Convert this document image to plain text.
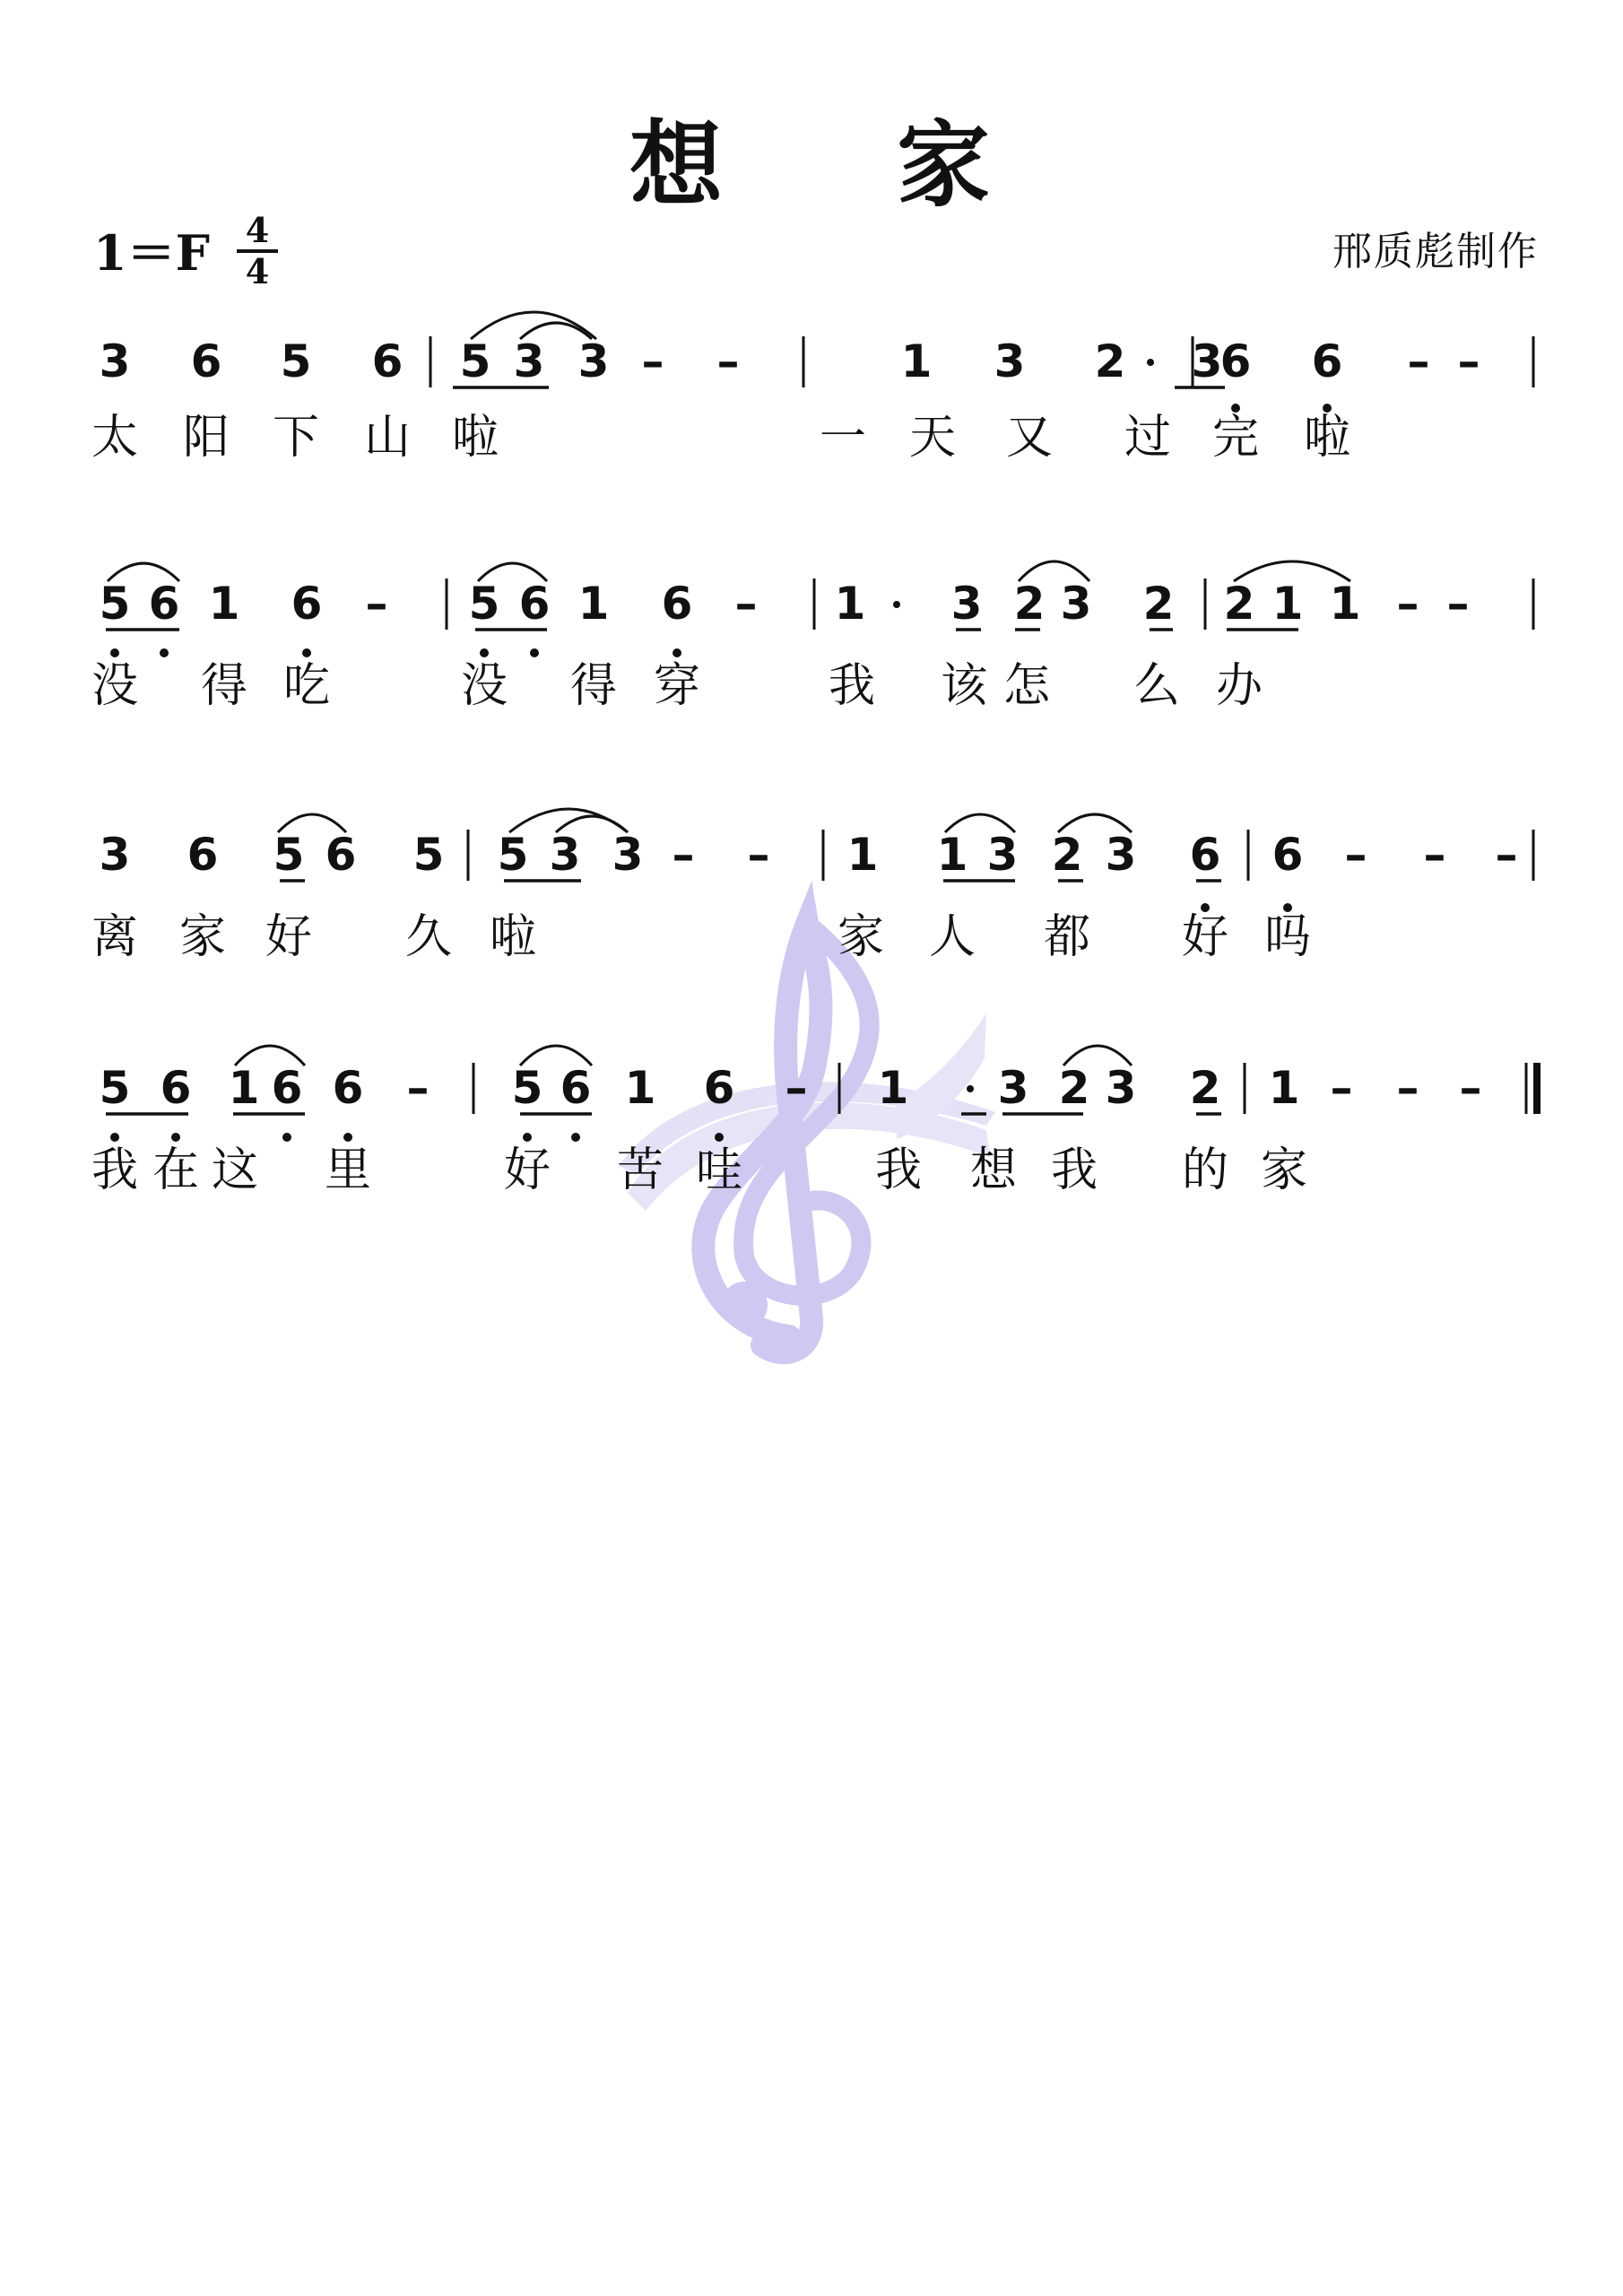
想 家
1＝F 4
4	邢质彪制作
3 6 5 6 5 3 3 – –	1 3 2 3
6 6 – –
太 阳 下 山 啦	一 天 又 过 完 啦
5 6 1 6 – 5 6 1 6 – 1 3 2 3 2 2 1 1 – –
没 得 吃	没 得 穿	我 该 怎 么 办
3 6 5 6 5 5 3 3 – – 1 1 3 2 3 6 6 – – –
离 家 好 久 啦	家 人 都 好 吗
5 6 1 6 6 – 5 6 1 6 – 1 3 2 3 2 1 – – –
我 在 这 里	好 苦 哇	我 想 我 的 家
